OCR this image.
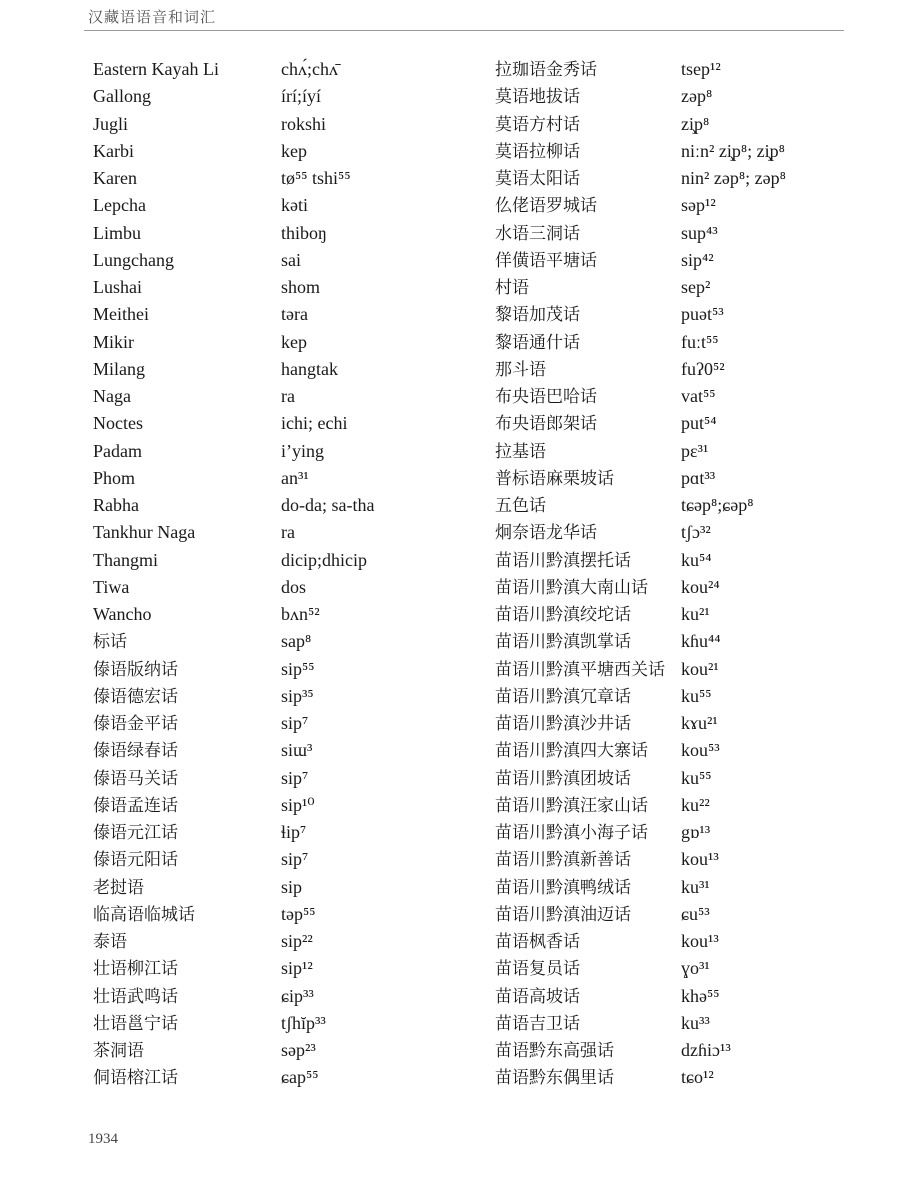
汉藏语语音和词汇
Eastern Kayah Li	chʌ́;chʌ̄
Gallong	írí;íyí
Jugli	rokshi
Karbi	kep
Karen	tø⁵⁵ tshi⁵⁵
Lepcha	kəti
Limbu	thiboŋ
Lungchang	sai
Lushai	shom
Meithei	təra
Mikir	kep
Milang	hangtak
Naga	ra
Noctes	ichi; echi
Padam	i’ying
Phom	an³¹
Rabha	do-da; sa-tha
Tankhur Naga	ra
Thangmi	dicip;dhicip
Tiwa	dos
Wancho	bʌn⁵²
标话	sap⁸
傣语版纳话	sip⁵⁵
傣语德宏话	sip³⁵
傣语金平话	sip⁷
傣语绿春话	siɯ³
傣语马关话	sip⁷
傣语孟连话	sip¹⁰
傣语元江话	ɬip⁷
傣语元阳话	sip⁷
老挝语	sip
临高语临城话	təp⁵⁵
泰语	sip²²
壮语柳江话	sip¹²
壮语武鸣话	ɕip³³
壮语邕宁话	tʃhĭp³³
茶洞语	səp²³
侗语榕江话	ɕap⁵⁵
拉珈语金秀话	tsep¹²
莫语地拔话	zəp⁸
莫语方村话	zi̧p⁸
莫语拉柳话	niːn² zi̧p⁸; zi̧p⁸
莫语太阳话	nin² zəp⁸; zəp⁸
仫佬语罗城话	səp¹²
水语三洞话	sup⁴³
佯僙语平塘话	sip⁴²
村语	sep²
黎语加茂话	puət⁵³
黎语通什话	fuːt⁵⁵
那斗语	fuʔ0⁵²
布央语巴哈话	vat⁵⁵
布央语郎架话	put⁵⁴
拉基语	pɛ³¹
普标语麻栗坡话	pɑt³³
五色话	tɕəp⁸;ɕəp⁸
炯奈语龙华话	tʃɔ³²
苗语川黔滇摆托话	ku⁵⁴
苗语川黔滇大南山话 kou²⁴
苗语川黔滇绞坨话	ku²¹
苗语川黔滇凯掌话	kɦu⁴⁴
苗语川黔滇平塘西关话 kou²¹
苗语川黔滇冗章话	ku⁵⁵
苗语川黔滇沙井话	kɤu²¹
苗语川黔滇四大寨话 kou⁵³
苗语川黔滇团坡话	ku⁵⁵
苗语川黔滇汪家山话 ku²²
苗语川黔滇小海子话 gɒ¹³
苗语川黔滇新善话	kou¹³
苗语川黔滇鸭绒话	ku³¹
苗语川黔滇油迈话	ɕu⁵³
苗语枫香话	kou¹³
苗语复员话	ɣo³¹
苗语高坡话	khə⁵⁵
苗语吉卫话	ku³³
苗语黔东高强话	dzɦiɔ¹³
苗语黔东偶里话	tɕo¹²
1934
